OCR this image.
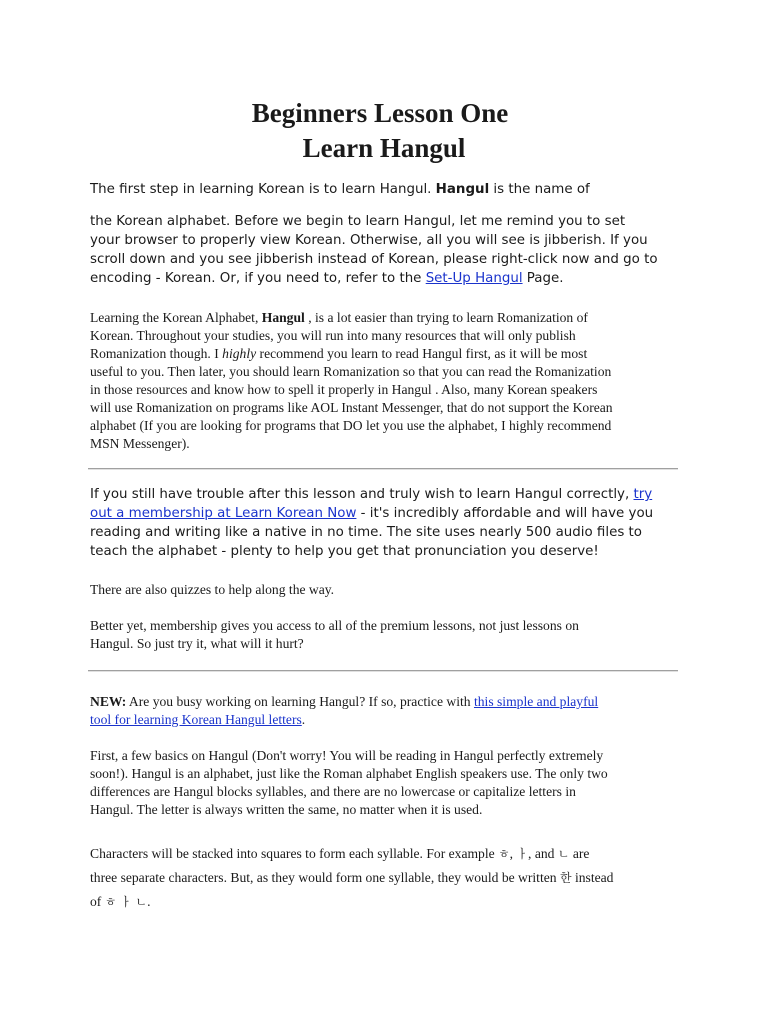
Beginners Lesson One
Learn Hangul
The first step in learning Korean is to learn Hangul. Hangul is the name of
the Korean alphabet. Before we begin to learn Hangul, let me remind you to set
your browser to properly view Korean. Otherwise, all you will see is jibberish. If you
scroll down and you see jibberish instead of Korean, please right-click now and go to
encoding - Korean. Or, if you need to, refer to the Set-Up Hangul Page.
Learning the Korean Alphabet, Hangul , is a lot easier than trying to learn Romanization of
Korean. Throughout your studies, you will run into many resources that will only publish
Romanization though. I highly recommend you learn to read Hangul first, as it will be most
useful to you. Then later, you should learn Romanization so that you can read the Romanization
in those resources and know how to spell it properly in Hangul . Also, many Korean speakers
will use Romanization on programs like AOL Instant Messenger, that do not support the Korean
alphabet (If you are looking for programs that DO let you use the alphabet, I highly recommend
MSN Messenger).
If you still have trouble after this lesson and truly wish to learn Hangul correctly, try
out a membership at Learn Korean Now - it's incredibly affordable and will have you
reading and writing like a native in no time. The site uses nearly 500 audio files to
teach the alphabet - plenty to help you get that pronunciation you deserve!
There are also quizzes to help along the way.
Better yet, membership gives you access to all of the premium lessons, not just lessons on
Hangul. So just try it, what will it hurt?
NEW: Are you busy working on learning Hangul? If so, practice with this simple and playful
tool for learning Korean Hangul letters.
First, a few basics on Hangul (Don't worry! You will be reading in Hangul perfectly extremely
soon!). Hangul is an alphabet, just like the Roman alphabet English speakers use. The only two
differences are Hangul blocks syllables, and there are no lowercase or capitalize letters in
Hangul. The letter is always written the same, no matter when it is used.
Characters will be stacked into squares to form each syllable. For example ㅎ, ㅏ, and ㄴ are
three separate characters. But, as they would form one syllable, they would be written 한 instead
of ㅎ ㅏ ㄴ.
